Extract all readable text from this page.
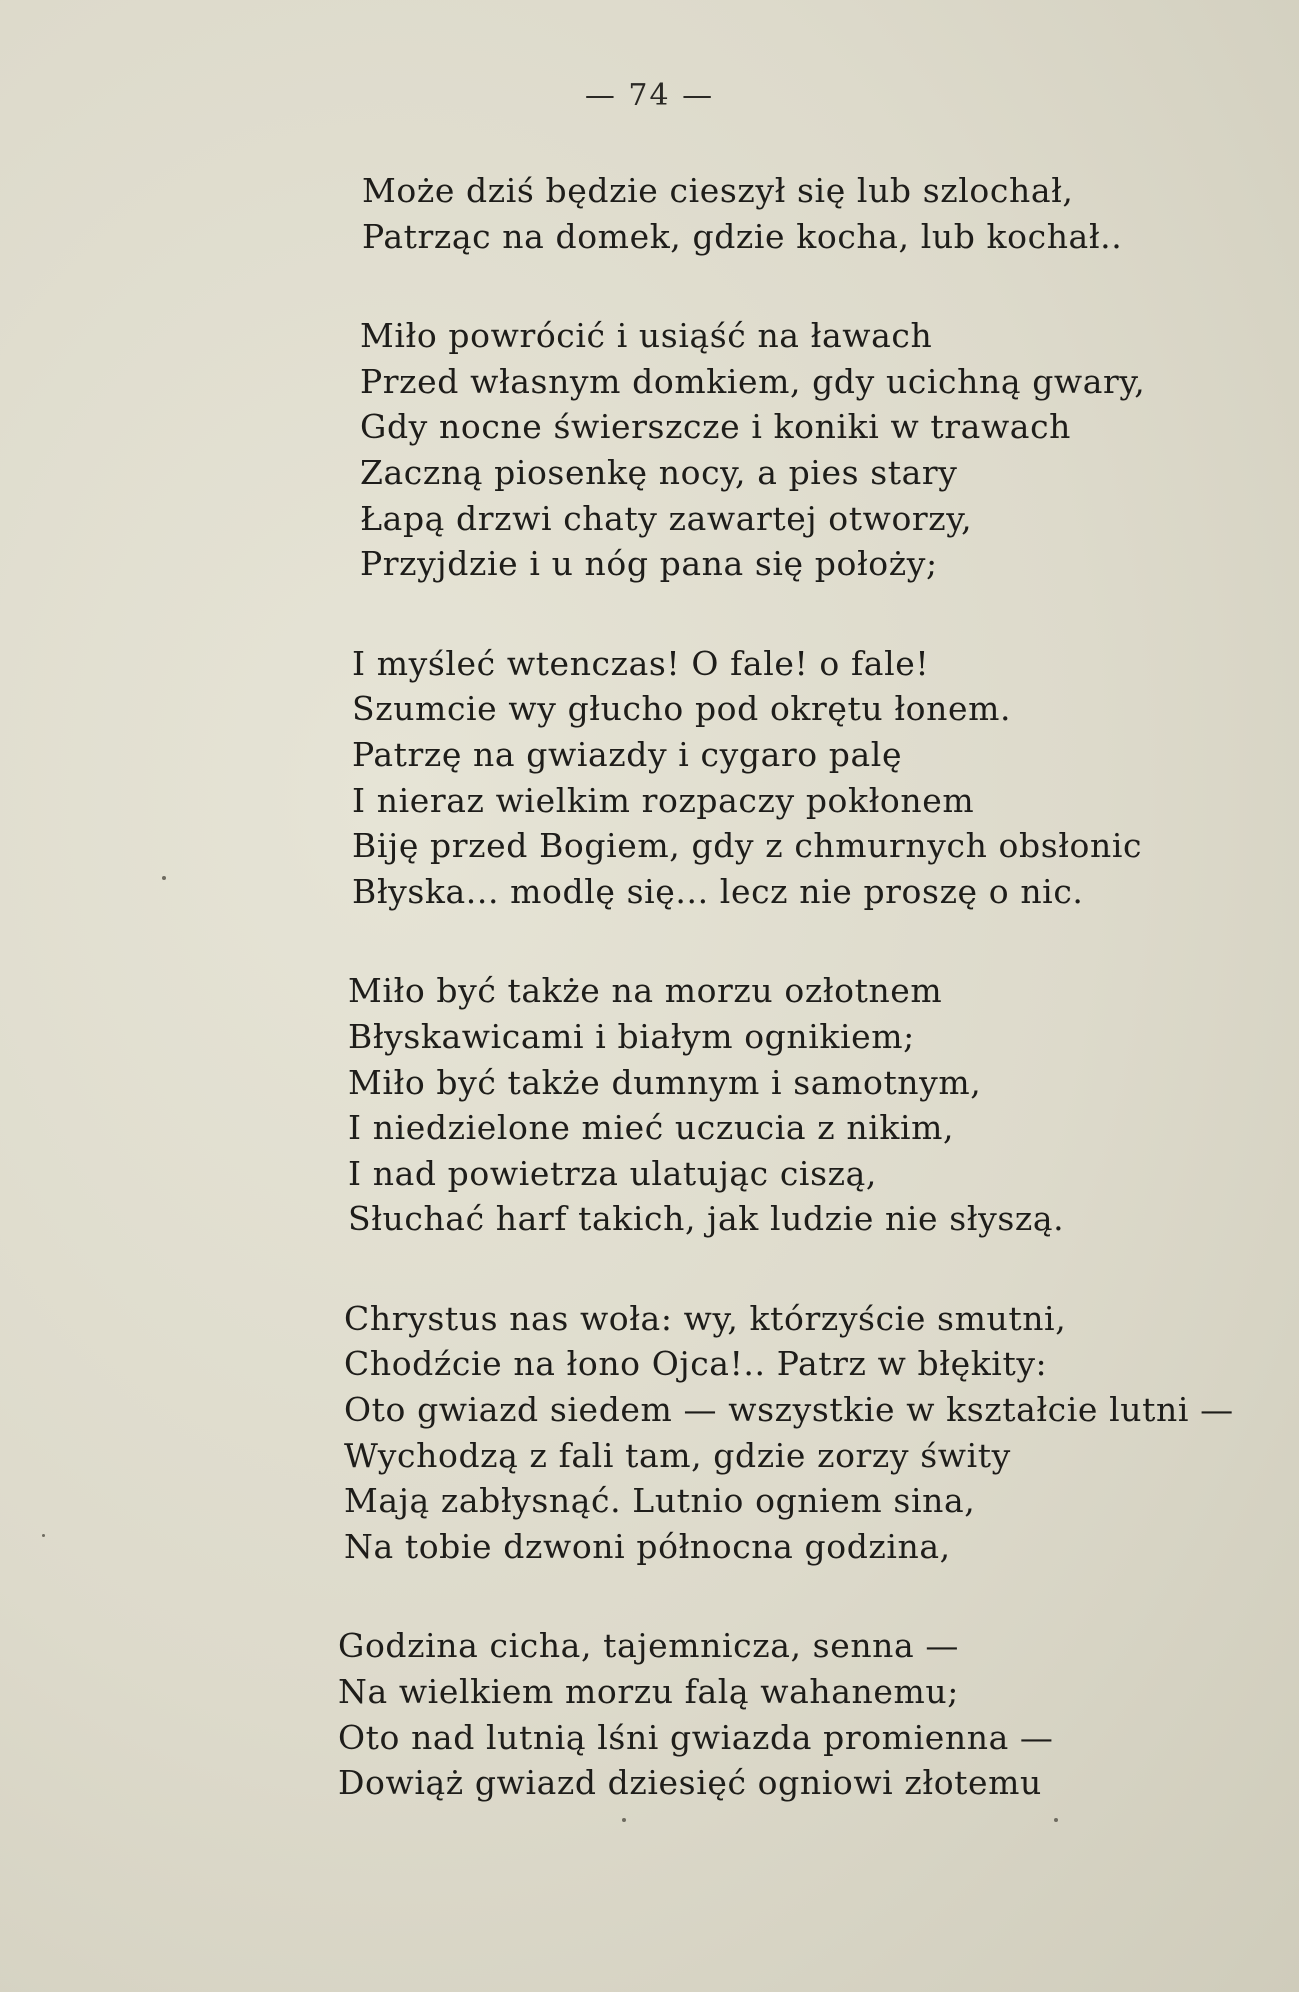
— 74 —
Może dziś będzie cieszył się lub szlochał,
Patrząc na domek, gdzie kocha, lub kochał..
Miło powrócić i usiąść na ławach
Przed własnym domkiem, gdy ucichną gwary,
Gdy nocne świerszcze i koniki w trawach
Zaczną piosenkę nocy, a pies stary
Łapą drzwi chaty zawartej otworzy,
Przyjdzie i u nóg pana się położy;
I myśleć wtenczas! O fale! o fale!
Szumcie wy głucho pod okrętu łonem.
Patrzę na gwiazdy i cygaro palę
I nieraz wielkim rozpaczy pokłonem
Biję przed Bogiem, gdy z chmurnych obsłonic
Błyska... modlę się... lecz nie proszę o nic.
Miło być także na morzu ozłotnem
Błyskawicami i białym ognikiem;
Miło być także dumnym i samotnym,
I niedzielone mieć uczucia z nikim,
I nad powietrza ulatując ciszą,
Słuchać harf takich, jak ludzie nie słyszą.
Chrystus nas woła: wy, którzyście smutni,
Chodźcie na łono Ojca!.. Patrz w błękity:
Oto gwiazd siedem — wszystkie w kształcie lutni —
Wychodzą z fali tam, gdzie zorzy świty
Mają zabłysnąć. Lutnio ogniem sina,
Na tobie dzwoni północna godzina,
Godzina cicha, tajemnicza, senna —
Na wielkiem morzu falą wahanemu;
Oto nad lutnią lśni gwiazda promienna —
Dowiąż gwiazd dziesięć ogniowi złotemu
